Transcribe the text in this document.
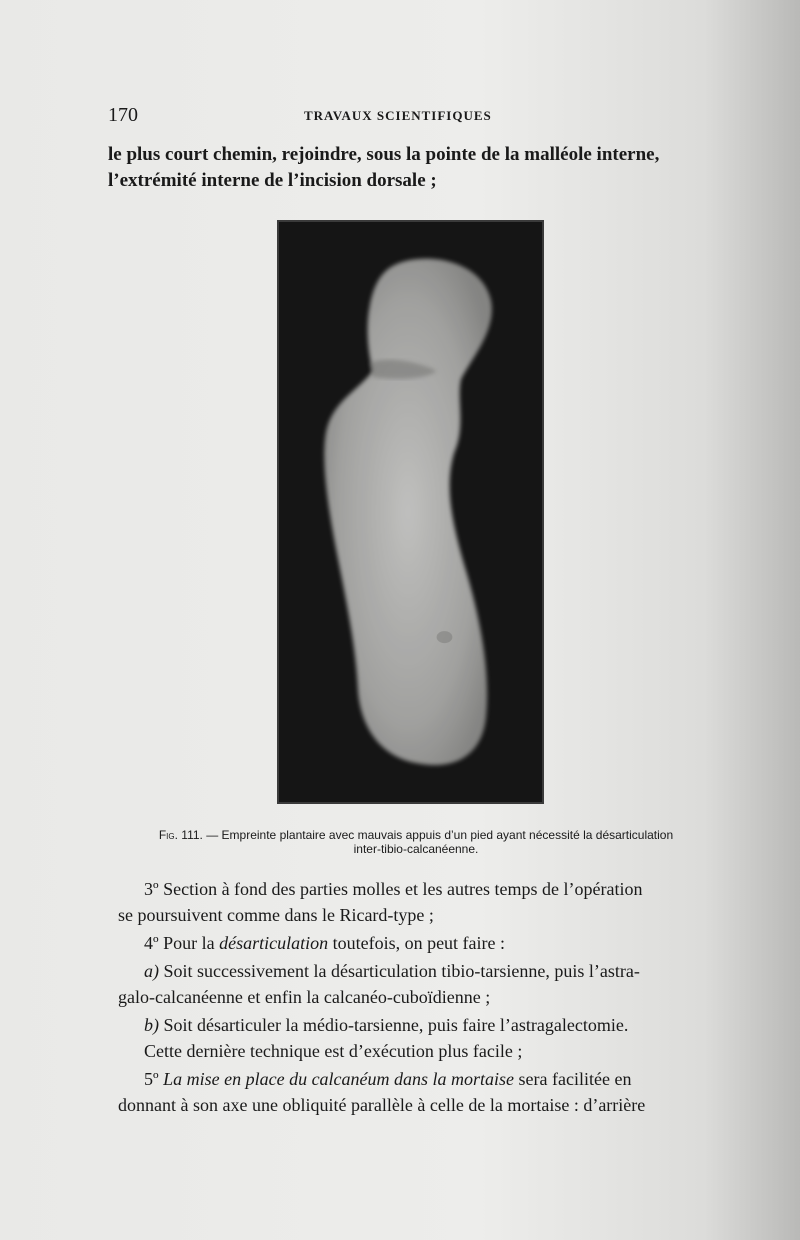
170	TRAVAUX SCIENTIFIQUES
le plus court chemin, rejoindre, sous la pointe de la malléole interne,
l’extrémité interne de l’incision dorsale ;
Fig. 111. — Empreinte plantaire avec mauvais appuis d’un pied ayant nécessité la désarticulation
inter-tibio-calcanéenne.
3º Section à fond des parties molles et les autres temps de l’opération
se poursuivent comme dans le Ricard-type ;
4º Pour la désarticulation toutefois, on peut faire :
a) Soit successivement la désarticulation tibio-tarsienne, puis l’astra-
galo-calcanéenne et enfin la calcanéo-cuboïdienne ;
b) Soit désarticuler la médio-tarsienne, puis faire l’astragalectomie.
Cette dernière technique est d’exécution plus facile ;
5º La mise en place du calcanéum dans la mortaise sera facilitée en
donnant à son axe une obliquité parallèle à celle de la mortaise : d’arrière
